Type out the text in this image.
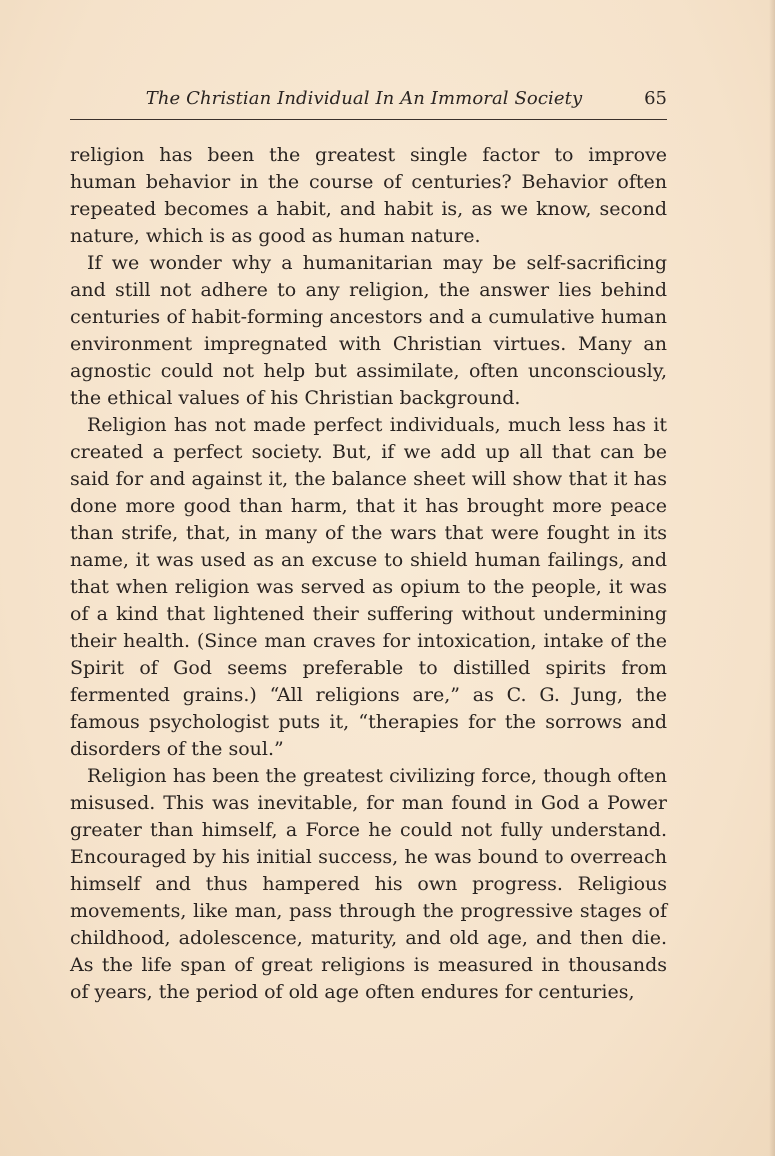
The Christian Individual In An Immoral Society	65

religion has been the greatest single factor to improve human behavior in the course of centuries? Behavior often repeated becomes a habit, and habit is, as we know, second nature, which is as good as human nature.

If we wonder why a humanitarian may be self-sacrificing and still not adhere to any religion, the answer lies behind centuries of habit-forming ancestors and a cumulative human environment impregnated with Christian virtues. Many an agnostic could not help but assimilate, often unconsciously, the ethical values of his Christian background.

Religion has not made perfect individuals, much less has it created a perfect society. But, if we add up all that can be said for and against it, the balance sheet will show that it has done more good than harm, that it has brought more peace than strife, that, in many of the wars that were fought in its name, it was used as an excuse to shield human failings, and that when religion was served as opium to the people, it was of a kind that lightened their suffering without undermining their health. (Since man craves for intoxication, intake of the Spirit of God seems preferable to distilled spirits from fermented grains.) “All religions are,” as C. G. Jung, the famous psychologist puts it, “therapies for the sorrows and disorders of the soul.”

Religion has been the greatest civilizing force, though often misused. This was inevitable, for man found in God a Power greater than himself, a Force he could not fully understand. Encouraged by his initial success, he was bound to overreach himself and thus hampered his own progress. Religious movements, like man, pass through the progressive stages of childhood, adolescence, maturity, and old age, and then die. As the life span of great religions is measured in thousands of years, the period of old age often endures for centuries,
